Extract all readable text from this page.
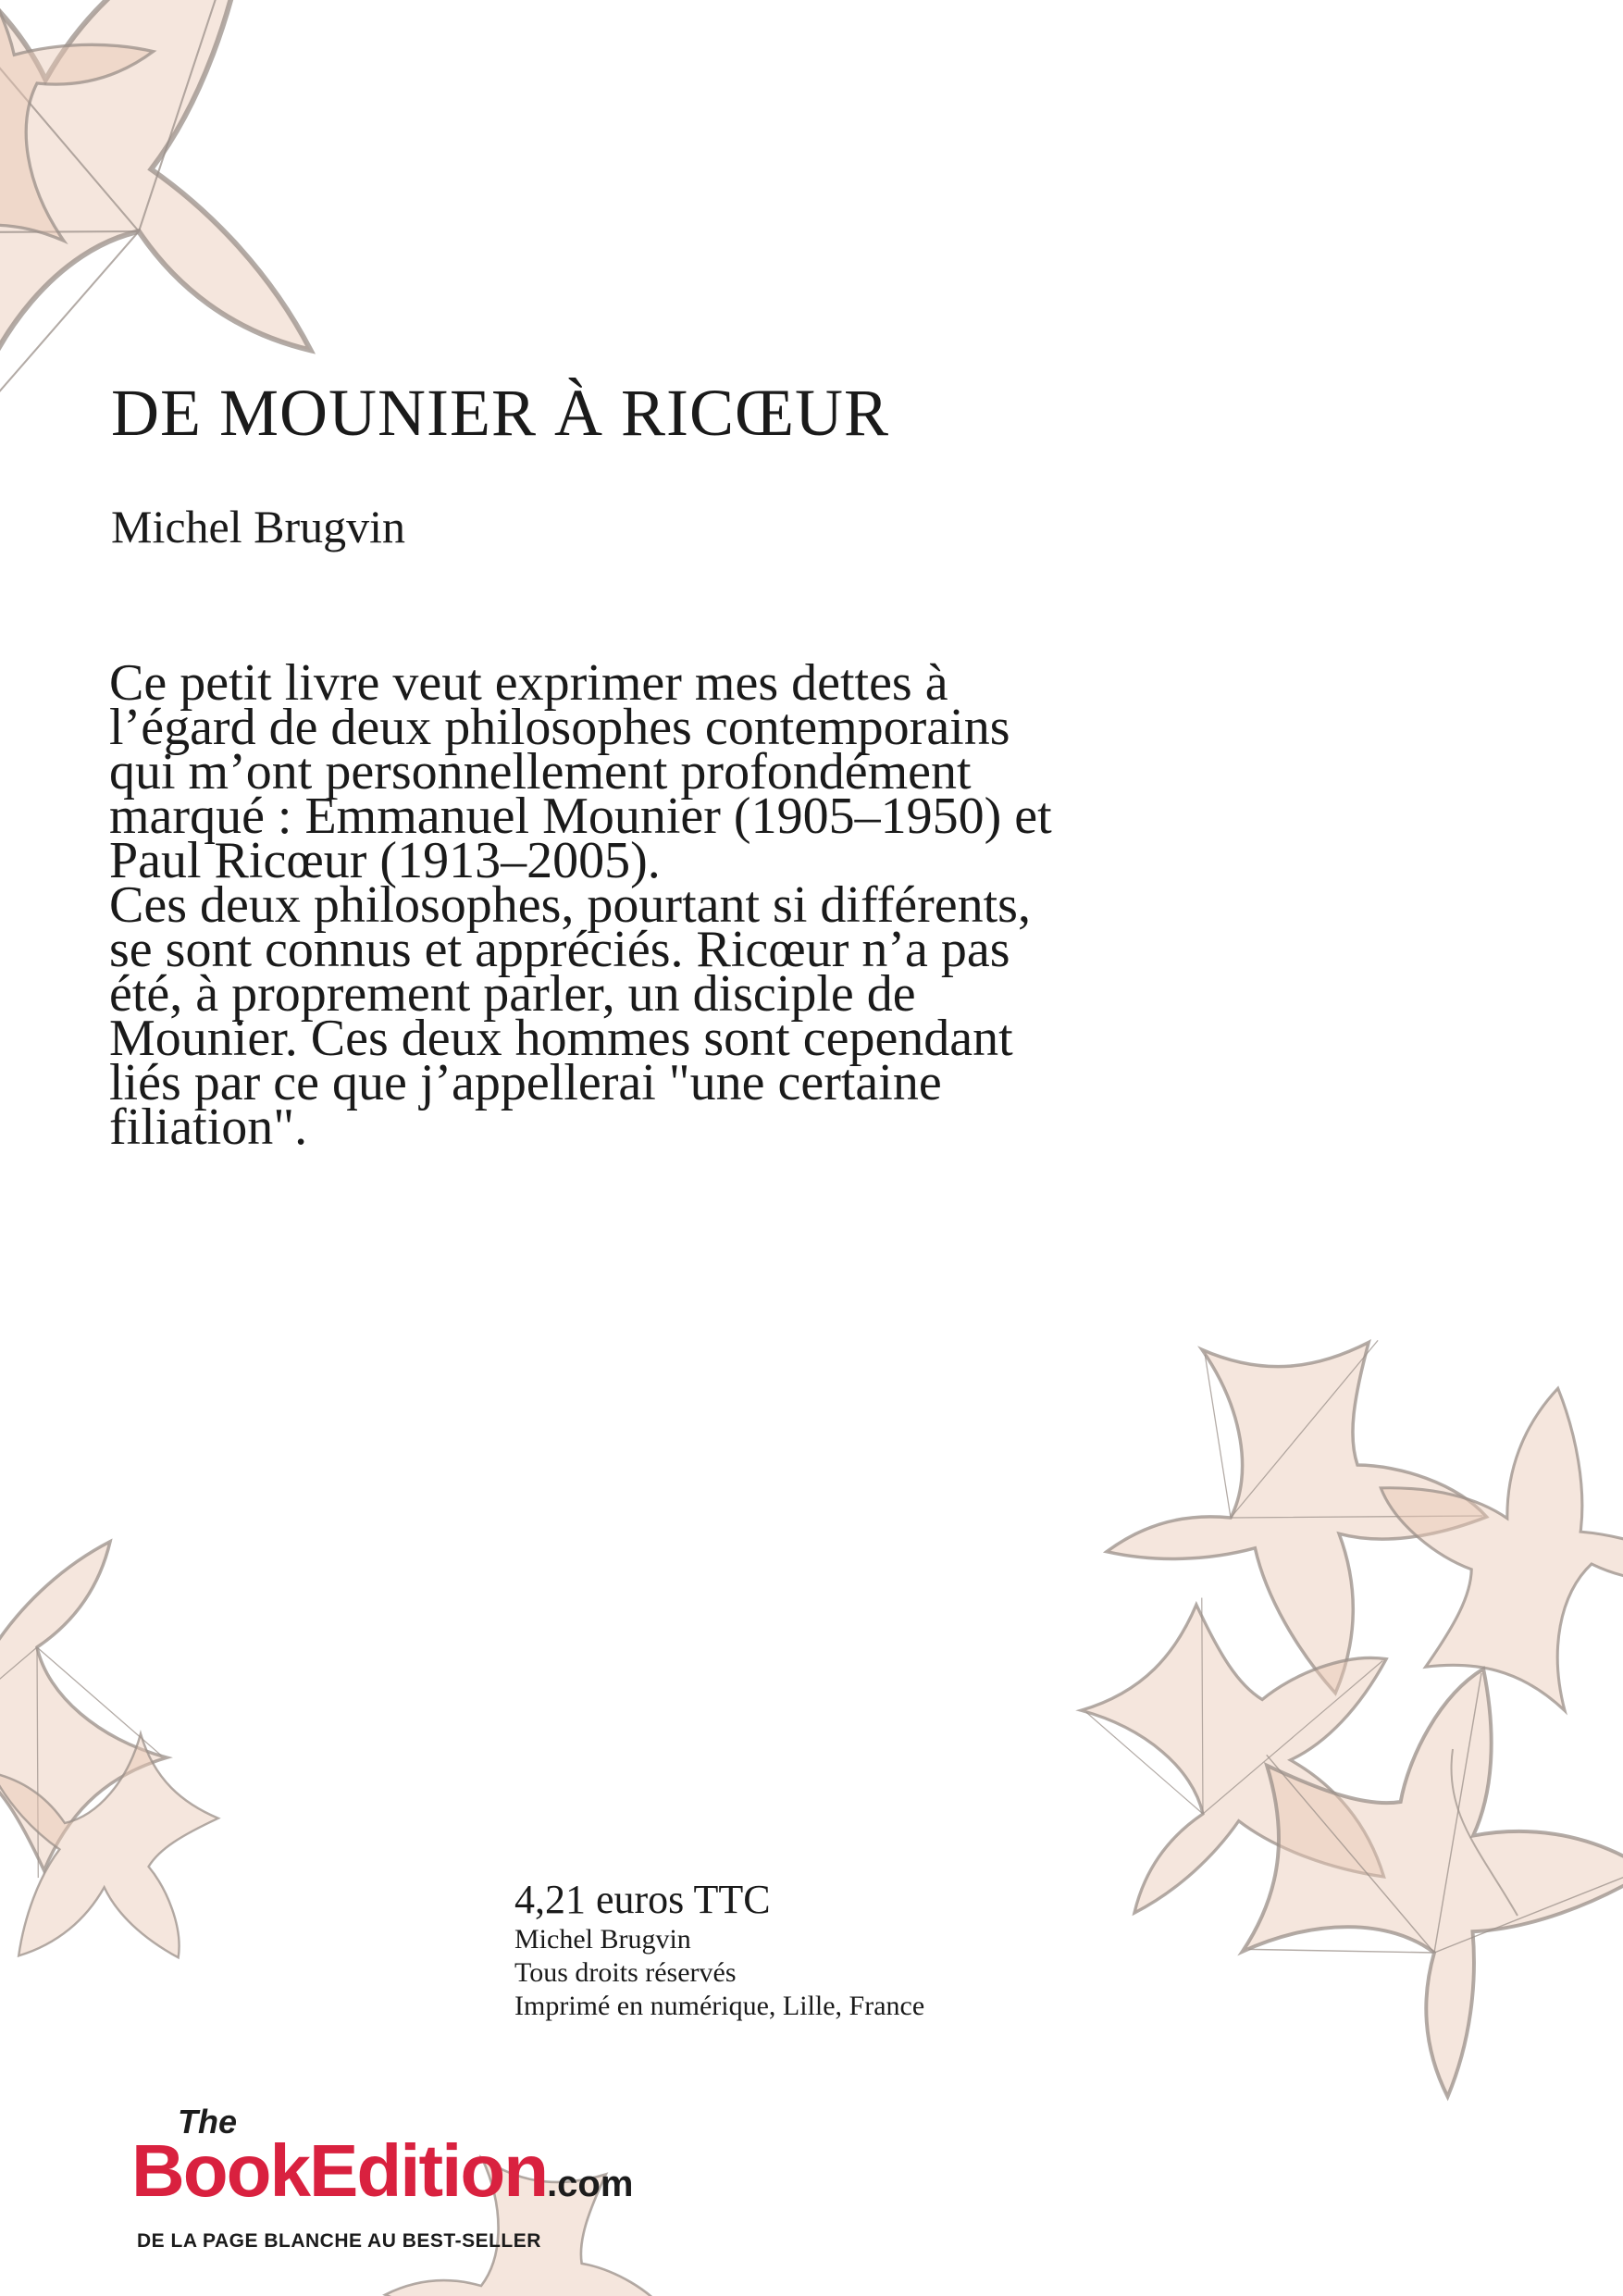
DE MOUNIER À RICŒUR
Michel Brugvin

Ce petit livre veut exprimer mes dettes à
l’égard de deux philosophes contemporains
qui m’ont personnellement profondément
marqué : Emmanuel Mounier (1905–1950) et
Paul Ricœur (1913–2005).

Ces deux philosophes, pourtant si différents,
se sont connus et appréciés. Ricœur n’a pas
été, à proprement parler, un disciple de
Mounier. Ces deux hommes sont cependant
liés par ce que j’appellerai "une certaine
filiation".

4,21 euros TTC
Michel Brugvin
Tous droits réservés
Imprimé en numérique, Lille, France
The
BookEdition.com
DE LA PAGE BLANCHE AU BEST-SELLER
